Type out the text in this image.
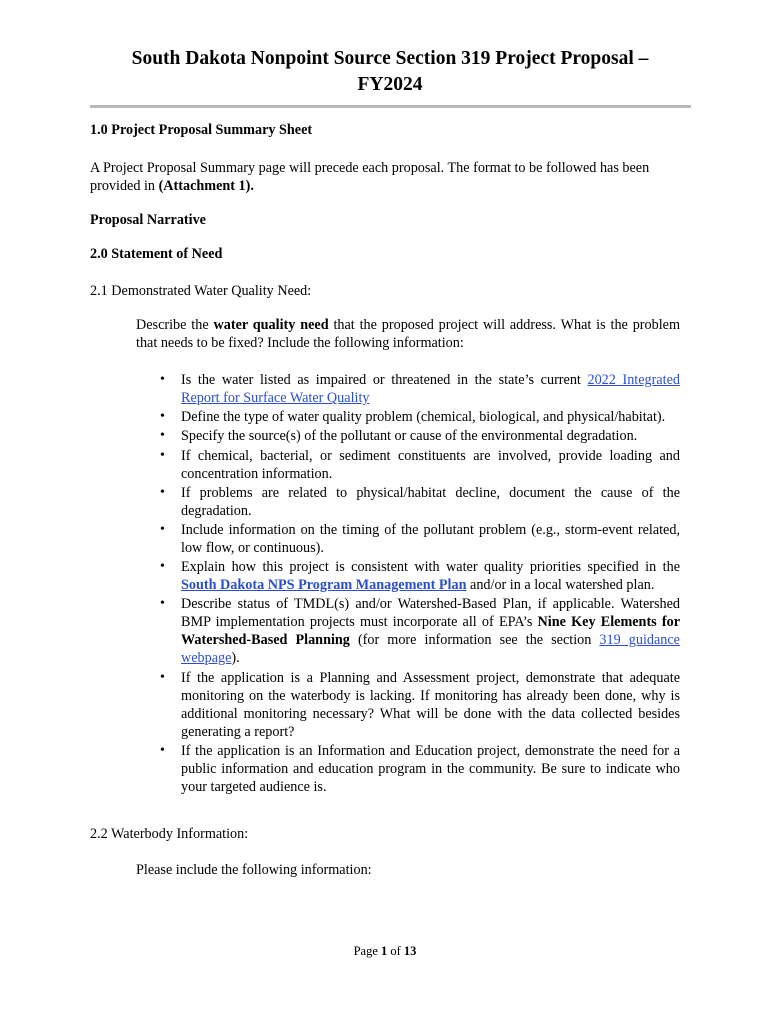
South Dakota Nonpoint Source Section 319 Project Proposal –
FY2024
1.0 Project Proposal Summary Sheet
A Project Proposal Summary page will precede each proposal. The format to be followed has been provided in (Attachment 1).
Proposal Narrative
2.0 Statement of Need
2.1 Demonstrated Water Quality Need:
Describe the water quality need that the proposed project will address. What is the problem that needs to be fixed? Include the following information:
• Is the water listed as impaired or threatened in the state’s current 2022 Integrated Report for Surface Water Quality
• Define the type of water quality problem (chemical, biological, and physical/habitat).
• Specify the source(s) of the pollutant or cause of the environmental degradation.
• If chemical, bacterial, or sediment constituents are involved, provide loading and concentration information.
• If problems are related to physical/habitat decline, document the cause of the degradation.
• Include information on the timing of the pollutant problem (e.g., storm-event related, low flow, or continuous).
• Explain how this project is consistent with water quality priorities specified in the South Dakota NPS Program Management Plan and/or in a local watershed plan.
• Describe status of TMDL(s) and/or Watershed-Based Plan, if applicable. Watershed BMP implementation projects must incorporate all of EPA’s Nine Key Elements for Watershed-Based Planning (for more information see the section 319 guidance webpage).
• If the application is a Planning and Assessment project, demonstrate that adequate monitoring on the waterbody is lacking. If monitoring has already been done, why is additional monitoring necessary? What will be done with the data collected besides generating a report?
• If the application is an Information and Education project, demonstrate the need for a public information and education program in the community. Be sure to indicate who your targeted audience is.
2.2 Waterbody Information:
Please include the following information:
Page 1 of 13
